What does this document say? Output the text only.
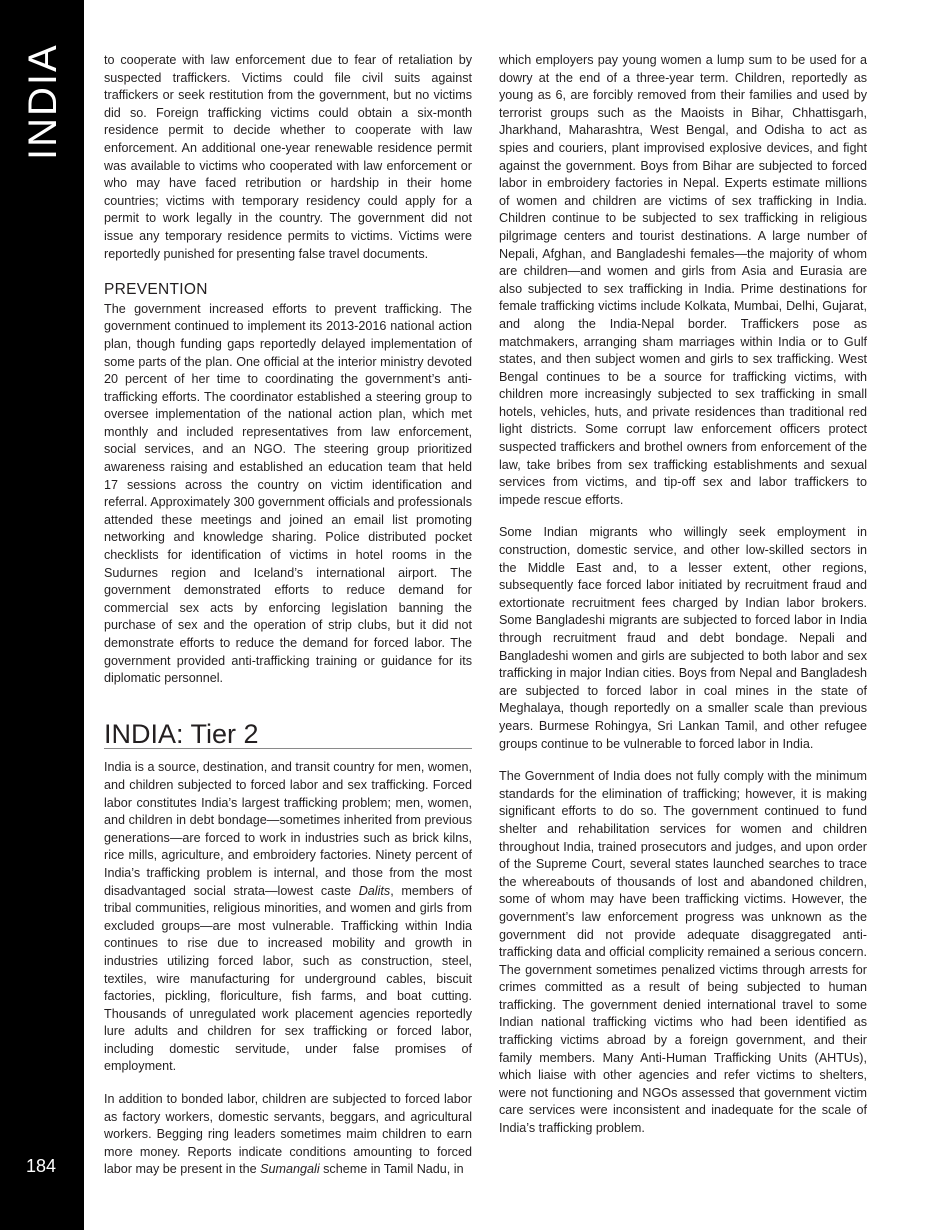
INDIA
184

to cooperate with law enforcement due to fear of retaliation by suspected traffickers. Victims could file civil suits against traffickers or seek restitution from the government, but no victims did so. Foreign trafficking victims could obtain a six-month residence permit to decide whether to cooperate with law enforcement. An additional one-year renewable residence permit was available to victims who cooperated with law enforcement or who may have faced retribution or hardship in their home countries; victims with temporary residency could apply for a permit to work legally in the country. The government did not issue any temporary residence permits to victims. Victims were reportedly punished for presenting false travel documents.

PREVENTION

The government increased efforts to prevent trafficking. The government continued to implement its 2013-2016 national action plan, though funding gaps reportedly delayed implementation of some parts of the plan. One official at the interior ministry devoted 20 percent of her time to coordinating the government’s anti-trafficking efforts. The coordinator established a steering group to oversee implementation of the national action plan, which met monthly and included representatives from law enforcement, social services, and an NGO. The steering group prioritized awareness raising and established an education team that held 17 sessions across the country on victim identification and referral. Approximately 300 government officials and professionals attended these meetings and joined an email list promoting networking and knowledge sharing. Police distributed pocket checklists for identification of victims in hotel rooms in the Sudurnes region and Iceland’s international airport. The government demonstrated efforts to reduce demand for commercial sex acts by enforcing legislation banning the purchase of sex and the operation of strip clubs, but it did not demonstrate efforts to reduce the demand for forced labor. The government provided anti-trafficking training or guidance for its diplomatic personnel.

INDIA: Tier 2

India is a source, destination, and transit country for men, women, and children subjected to forced labor and sex trafficking. Forced labor constitutes India’s largest trafficking problem; men, women, and children in debt bondage—sometimes inherited from previous generations—are forced to work in industries such as brick kilns, rice mills, agriculture, and embroidery factories. Ninety percent of India’s trafficking problem is internal, and those from the most disadvantaged social strata—lowest caste Dalits, members of tribal communities, religious minorities, and women and girls from excluded groups—are most vulnerable. Trafficking within India continues to rise due to increased mobility and growth in industries utilizing forced labor, such as construction, steel, textiles, wire manufacturing for underground cables, biscuit factories, pickling, floriculture, fish farms, and boat cutting. Thousands of unregulated work placement agencies reportedly lure adults and children for sex trafficking or forced labor, including domestic servitude, under false promises of employment.

In addition to bonded labor, children are subjected to forced labor as factory workers, domestic servants, beggars, and agricultural workers. Begging ring leaders sometimes maim children to earn more money. Reports indicate conditions amounting to forced labor may be present in the Sumangali scheme in Tamil Nadu, in

which employers pay young women a lump sum to be used for a dowry at the end of a three-year term. Children, reportedly as young as 6, are forcibly removed from their families and used by terrorist groups such as the Maoists in Bihar, Chhattisgarh, Jharkhand, Maharashtra, West Bengal, and Odisha to act as spies and couriers, plant improvised explosive devices, and fight against the government. Boys from Bihar are subjected to forced labor in embroidery factories in Nepal. Experts estimate millions of women and children are victims of sex trafficking in India. Children continue to be subjected to sex trafficking in religious pilgrimage centers and tourist destinations. A large number of Nepali, Afghan, and Bangladeshi females—the majority of whom are children—and women and girls from Asia and Eurasia are also subjected to sex trafficking in India. Prime destinations for female trafficking victims include Kolkata, Mumbai, Delhi, Gujarat, and along the India-Nepal border. Traffickers pose as matchmakers, arranging sham marriages within India or to Gulf states, and then subject women and girls to sex trafficking. West Bengal continues to be a source for trafficking victims, with children more increasingly subjected to sex trafficking in small hotels, vehicles, huts, and private residences than traditional red light districts. Some corrupt law enforcement officers protect suspected traffickers and brothel owners from enforcement of the law, take bribes from sex trafficking establishments and sexual services from victims, and tip-off sex and labor traffickers to impede rescue efforts.

Some Indian migrants who willingly seek employment in construction, domestic service, and other low-skilled sectors in the Middle East and, to a lesser extent, other regions, subsequently face forced labor initiated by recruitment fraud and extortionate recruitment fees charged by Indian labor brokers. Some Bangladeshi migrants are subjected to forced labor in India through recruitment fraud and debt bondage. Nepali and Bangladeshi women and girls are subjected to both labor and sex trafficking in major Indian cities. Boys from Nepal and Bangladesh are subjected to forced labor in coal mines in the state of Meghalaya, though reportedly on a smaller scale than previous years. Burmese Rohingya, Sri Lankan Tamil, and other refugee groups continue to be vulnerable to forced labor in India.

The Government of India does not fully comply with the minimum standards for the elimination of trafficking; however, it is making significant efforts to do so. The government continued to fund shelter and rehabilitation services for women and children throughout India, trained prosecutors and judges, and upon order of the Supreme Court, several states launched searches to trace the whereabouts of thousands of lost and abandoned children, some of whom may have been trafficking victims. However, the government’s law enforcement progress was unknown as the government did not provide adequate disaggregated anti-trafficking data and official complicity remained a serious concern. The government sometimes penalized victims through arrests for crimes committed as a result of being subjected to human trafficking. The government denied international travel to some Indian national trafficking victims who had been identified as trafficking victims abroad by a foreign government, and their family members. Many Anti-Human Trafficking Units (AHTUs), which liaise with other agencies and refer victims to shelters, were not functioning and NGOs assessed that government victim care services were inconsistent and inadequate for the scale of India’s trafficking problem.
